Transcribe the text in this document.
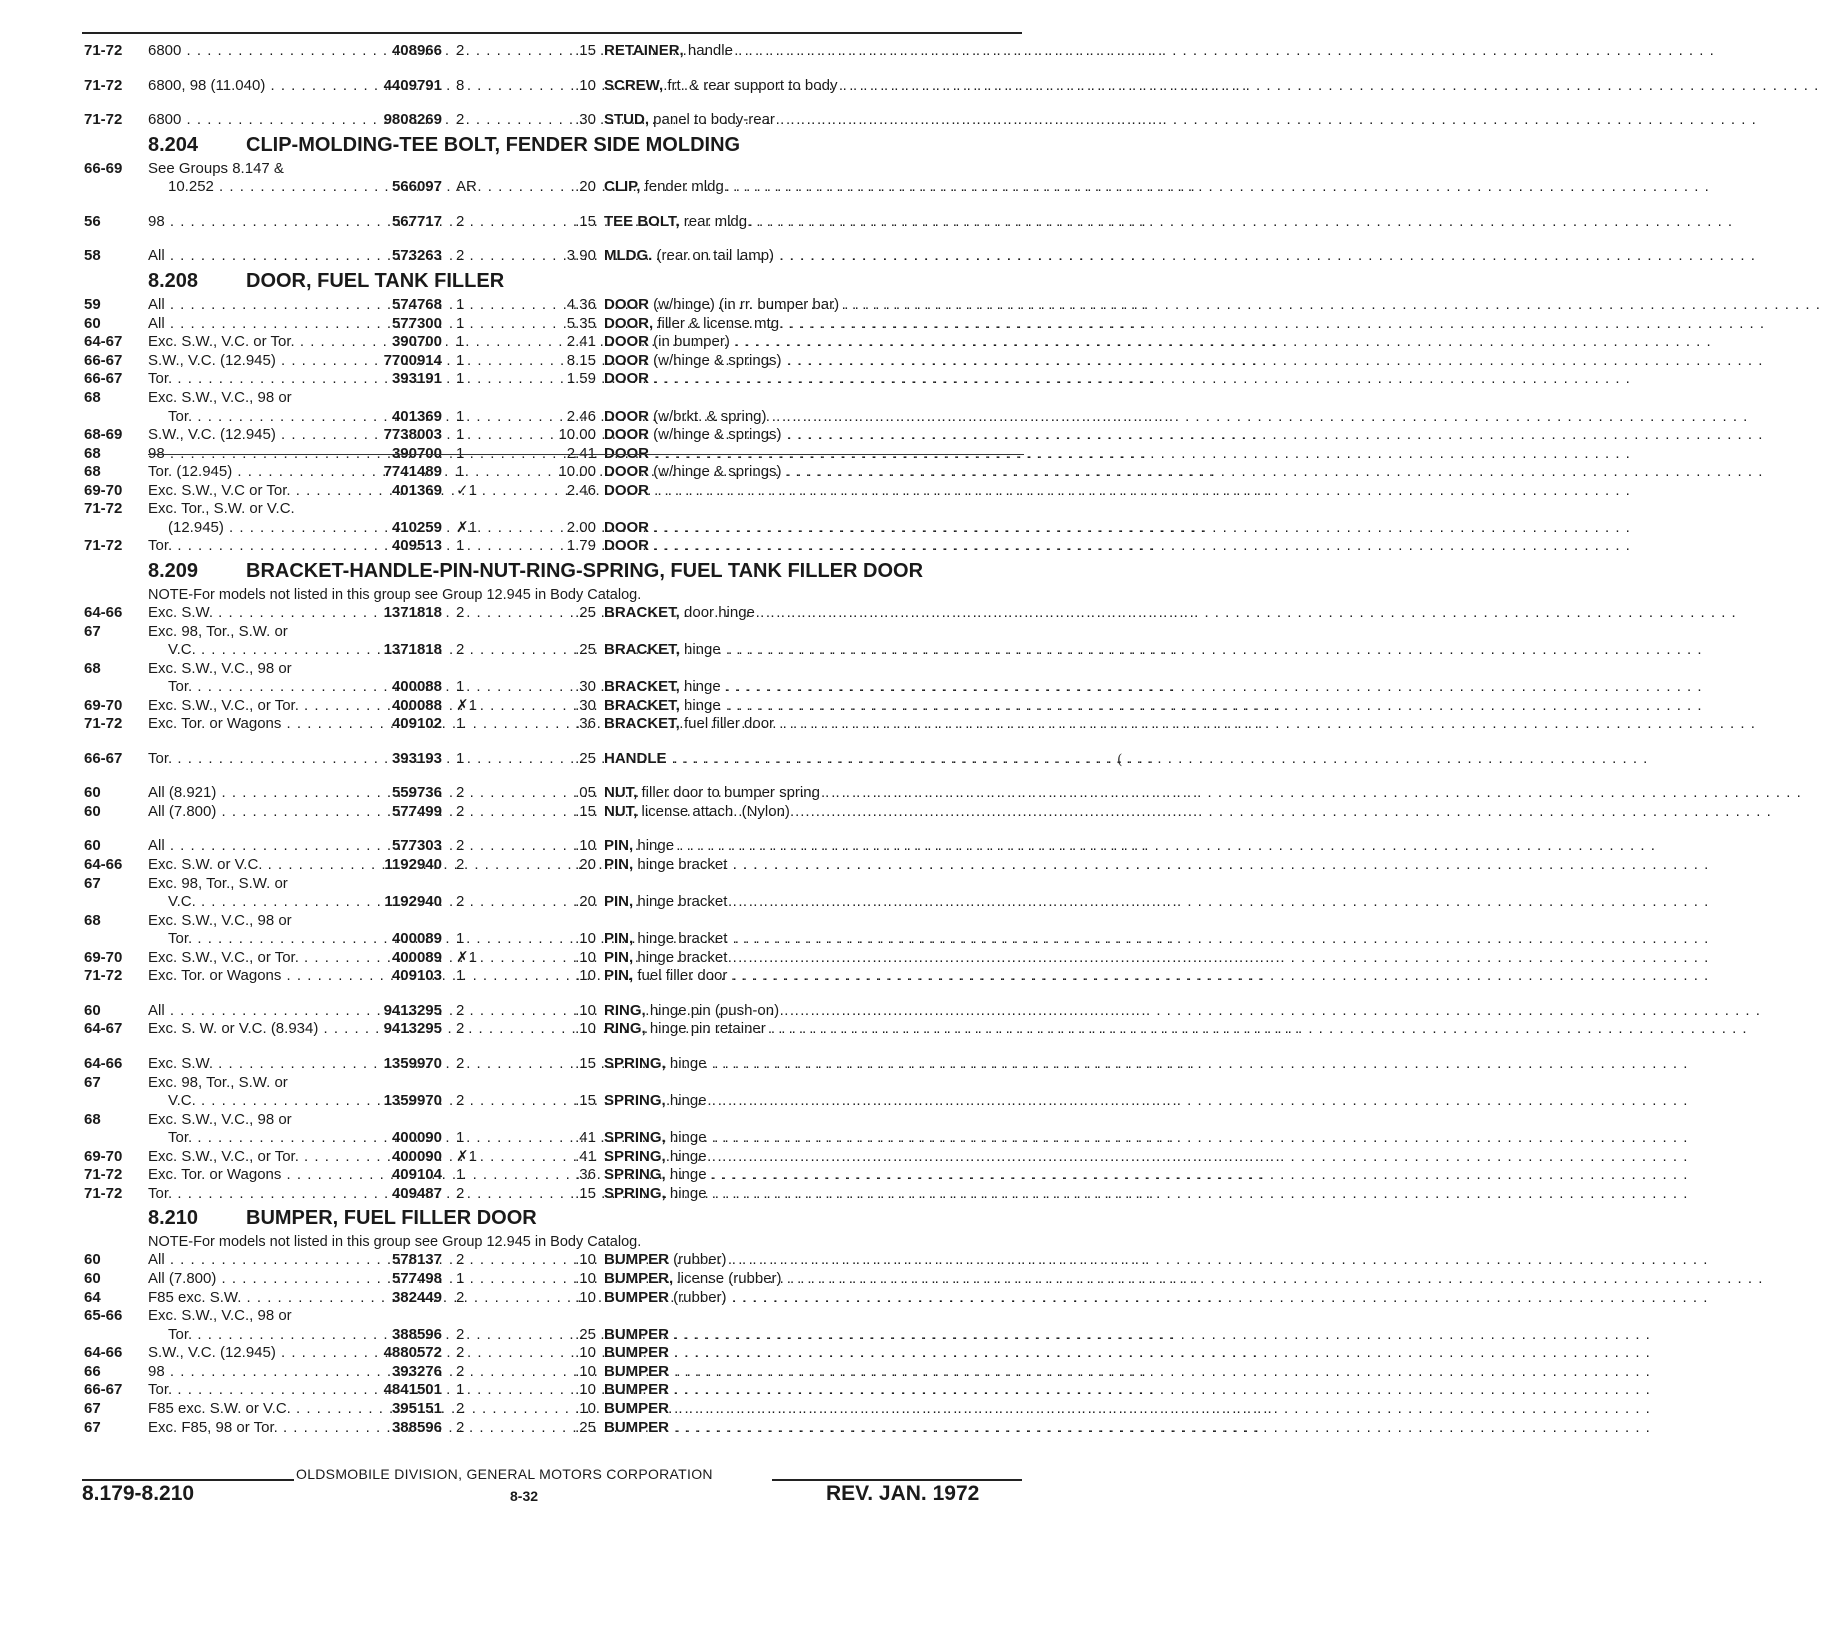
71-72	6800 . . .	408966 2	.15 RETAINER, handle . . .
71-72	6800, 98 (11.040) . . .	4409791 8	.10 SCREW, frt. & rear support to body . . .
71-72	6800 . . .	9808269 2	.30 STUD, panel to body-rear . . .
8.204 CLIP-MOLDING-TEE BOLT, FENDER SIDE MOLDING
66-69	See Groups 8.147 &
10.252 . . .	566097 AR	.20 CLIP, fender mldg. . . .
56	98 . . .	567717 2	.15 TEE BOLT, rear mldg. . . .
58	All . . .	573263 2	3.90 MLDG. (rear on tail lamp) . . .
8.208 DOOR, FUEL TANK FILLER
59	All . . .	574768 1	4.36 DOOR (w/hinge) (in rr. bumper bar) . . .
60	All . . .	577300 1	5.35 DOOR, filler & license mtg. . . .
64-67	Exc. S.W., V.C. or Tor. . . .	390700 1	2.41 DOOR (in bumper) . . .
66-67	S.W., V.C. (12.945) . . .	7700914 1	8.15 DOOR (w/hinge & springs) . . .
66-67	Tor. . . .	393191 1	1.59 DOOR . . .
68	Exc. S.W., V.C., 98 or
Tor. . . .	401369 1	2.46 DOOR (w/brkt. & spring) . . .
68-69	S.W., V.C. (12.945) . . .	7738003 1	10.00 DOOR (w/hinge & springs) . . .
68	98 . . .	390700 1	2.41 DOOR . . .
68	Tor. (12.945) . . .	7741489 1	10.00 DOOR (w/hinge & springs) . . .
69-70	Exc. S.W., V.C or Tor. . . .	401369 ✓1	2.46 DOOR . . .
71-72	Exc. Tor., S.W. or V.C.
(12.945) . . .	410259 ✗1	2.00 DOOR . . .
71-72	Tor. . . .	409513 1	1.79 DOOR . . .
8.209 BRACKET-HANDLE-PIN-NUT-RING-SPRING, FUEL TANK FILLER DOOR
NOTE-For models not listed in this group see Group 12.945 in Body Catalog.
64-66	Exc. S.W. . . .	1371818 2	.25 BRACKET, door hinge . . .
67	Exc. 98, Tor., S.W. or
V.C. . . .	1371818 2	.25 BRACKET, hinge . . .
68	Exc. S.W., V.C., 98 or
Tor. . . .	400088 1	.30 BRACKET, hinge . . .
69-70	Exc. S.W., V.C., or Tor. . . .	400088 ✗1	.30 BRACKET, hinge . . .
71-72	Exc. Tor. or Wagons . . .	409102 1	.36 BRACKET, fuel filler door . . .
66-67	Tor. . . .	393193 1	.25 HANDLE . . .
60	All (8.921) . . .	559736 2	.05 NUT, filler door to bumper spring . . .
60	All (7.800) . . .	577499 2	.15 NUT, license attach. (Nylon) . . .
60	All . . .	577303 2	.10 PIN, hinge . . .
64-66	Exc. S.W. or V.C. . . .	1192940 2	.20 PIN, hinge bracket . . .
67	Exc. 98, Tor., S.W. or
V.C. . . .	1192940 2	.20 PIN, hinge bracket . . .
68	Exc. S.W., V.C., 98 or
Tor. . . .	400089 1	.10 PIN, hinge bracket . . .
69-70	Exc. S.W., V.C., or Tor. . . .	400089 ✗1	.10 PIN, hinge bracket . . .
71-72	Exc. Tor. or Wagons . . .	409103 1	.10 PIN, fuel filler door . . .
60	All . . .	9413295 2	.10 RING, hinge pin (push-on) . . .
64-67	Exc. S. W. or V.C. (8.934) . . .	9413295 2	.10 RING, hinge pin retainer . . .
64-66	Exc. S.W. . . .	1359970 2	.15 SPRING, hinge . . .
67	Exc. 98, Tor., S.W. or
V.C. . . .	1359970 2	.15 SPRING, hinge . . .
68	Exc. S.W., V.C., 98 or
Tor. . . .	400090 1	.41 SPRING, hinge . . .
69-70	Exc. S.W., V.C., or Tor. . . .	400090 ✗1	.41 SPRING, hinge . . .
71-72	Exc. Tor. or Wagons . . .	409104 1	.36 SPRING, hinge . . .
71-72	Tor. . . .	409487 2	.15 SPRING, hinge . . .
8.210 BUMPER, FUEL FILLER DOOR
NOTE-For models not listed in this group see Group 12.945 in Body Catalog.
60	All . . .	578137 2	.10 BUMPER (rubber) . . .
60	All (7.800) . . .	577498 1	.10 BUMPER, license (rubber) . . .
64	F85 exc. S.W. . . .	382449 2	.10 BUMPER (rubber) . . .
65-66	Exc. S.W., V.C., 98 or
Tor. . . .	388596 2	.25 BUMPER . . .
64-66	S.W., V.C. (12.945) . . .	4880572 2	.10 BUMPER . . .
66	98 . . .	393276 2	.10 BUMPER . . .
66-67	Tor. . . .	4841501 1	.10 BUMPER . . .
67	F85 exc. S.W. or V.C. . . .	395151 2	.10 BUMPER . . .
67	Exc. F85, 98 or Tor. . . .	388596 2	.25 BUMPER . . .
OLDSMOBILE DIVISION, GENERAL MOTORS CORPORATION
8.179-8.210	8-32	REV. JAN. 1972
(
